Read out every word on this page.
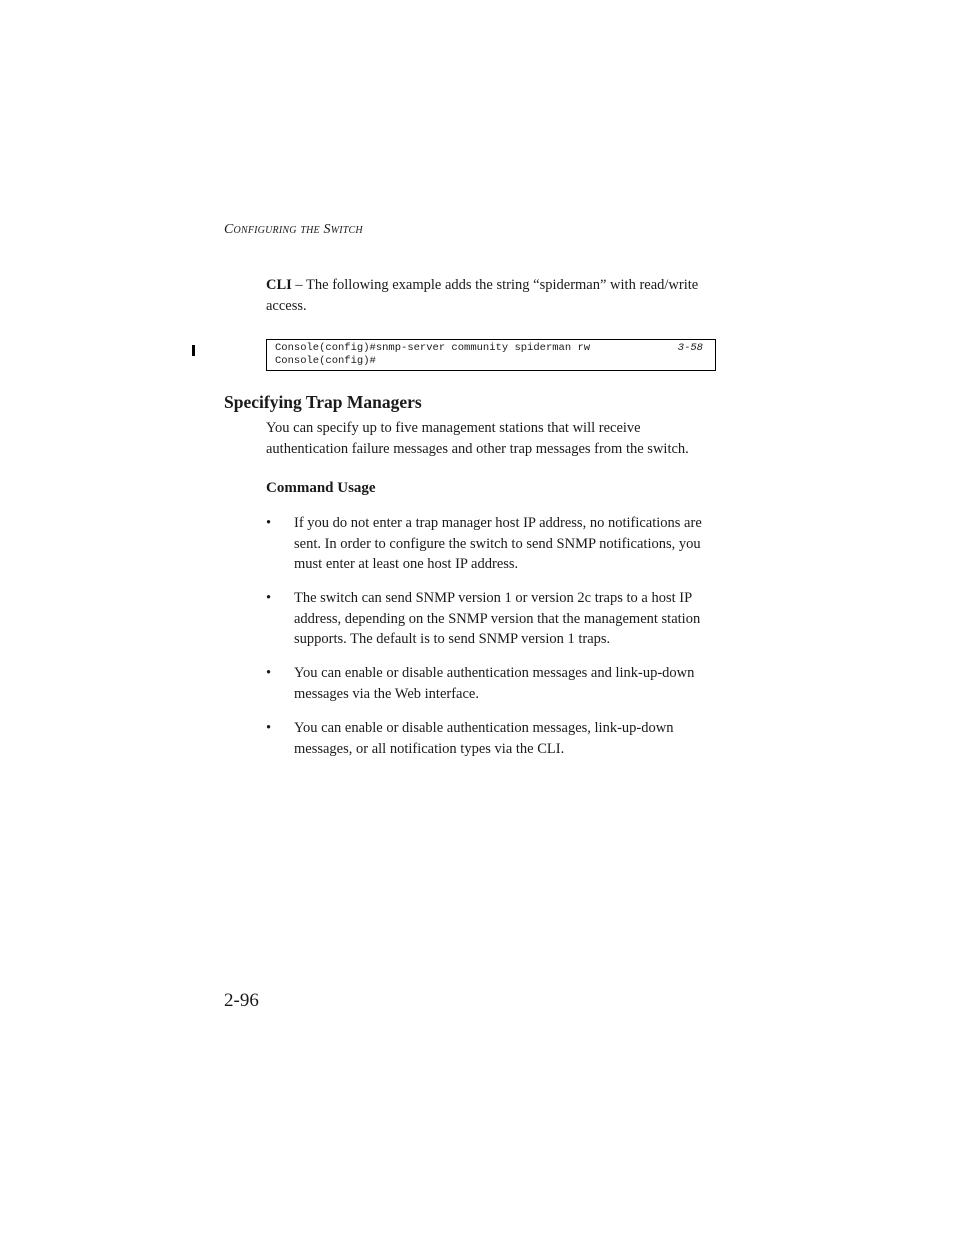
Configuring the Switch
CLI – The following example adds the string “spiderman” with read/write access.
Console(config)#snmp-server community spiderman rw
Console(config)#
3-58
Specifying Trap Managers
You can specify up to five management stations that will receive authentication failure messages and other trap messages from the switch.
Command Usage
• If you do not enter a trap manager host IP address, no notifications are sent. In order to configure the switch to send SNMP notifications, you must enter at least one host IP address.
• The switch can send SNMP version 1 or version 2c traps to a host IP address, depending on the SNMP version that the management station supports. The default is to send SNMP version 1 traps.
• You can enable or disable authentication messages and link-up-down messages via the Web interface.
• You can enable or disable authentication messages, link-up-down messages, or all notification types via the CLI.
2-96
